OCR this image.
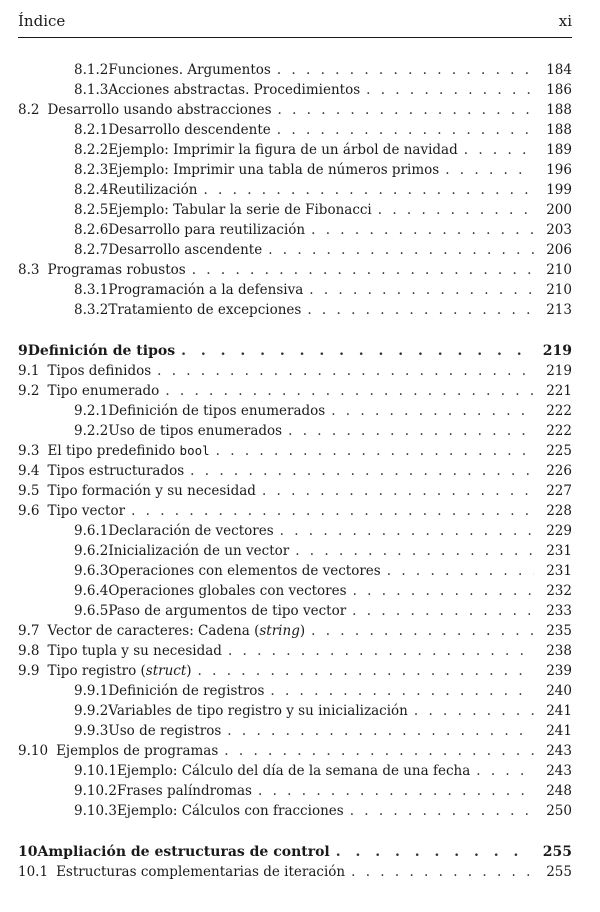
Índice	xi
8.1.2 Funciones. Argumentos . . .	184
8.1.3 Acciones abstractas. Procedimientos . . .	186
8.2 Desarrollo usando abstracciones . . .	188
8.2.1 Desarrollo descendente . . .	188
8.2.2 Ejemplo: Imprimir la figura de un árbol de navidad . . .	189
8.2.3 Ejemplo: Imprimir una tabla de números primos . . .	196
8.2.4 Reutilización . . .	199
8.2.5 Ejemplo: Tabular la serie de Fibonacci . . .	200
8.2.6 Desarrollo para reutilización . . .	203
8.2.7 Desarrollo ascendente . . .	206
8.3 Programas robustos . . .	210
8.3.1 Programación a la defensiva . . .	210
8.3.2 Tratamiento de excepciones . . .	213
9 Definición de tipos . . .	219
9.1 Tipos definidos . . .	219
9.2 Tipo enumerado . . .	221
9.2.1 Definición de tipos enumerados . . .	222
9.2.2 Uso de tipos enumerados . . .	222
9.3 El tipo predefinido bool . . .	225
9.4 Tipos estructurados . . .	226
9.5 Tipo formación y su necesidad . . .	227
9.6 Tipo vector . . .	228
9.6.1 Declaración de vectores . . .	229
9.6.2 Inicialización de un vector . . .	231
9.6.3 Operaciones con elementos de vectores . . .	231
9.6.4 Operaciones globales con vectores . . .	232
9.6.5 Paso de argumentos de tipo vector . . .	233
9.7 Vector de caracteres: Cadena (string) . . .	235
9.8 Tipo tupla y su necesidad . . .	238
9.9 Tipo registro (struct) . . .	239
9.9.1 Definición de registros . . .	240
9.9.2 Variables de tipo registro y su inicialización . . .	241
9.9.3 Uso de registros . . .	241
9.10 Ejemplos de programas . . .	243
9.10.1 Ejemplo: Cálculo del día de la semana de una fecha . . .	243
9.10.2 Frases palíndromas . . .	248
9.10.3 Ejemplo: Cálculos con fracciones . . .	250
10 Ampliación de estructuras de control . . .	255
10.1 Estructuras complementarias de iteración . . .	255
